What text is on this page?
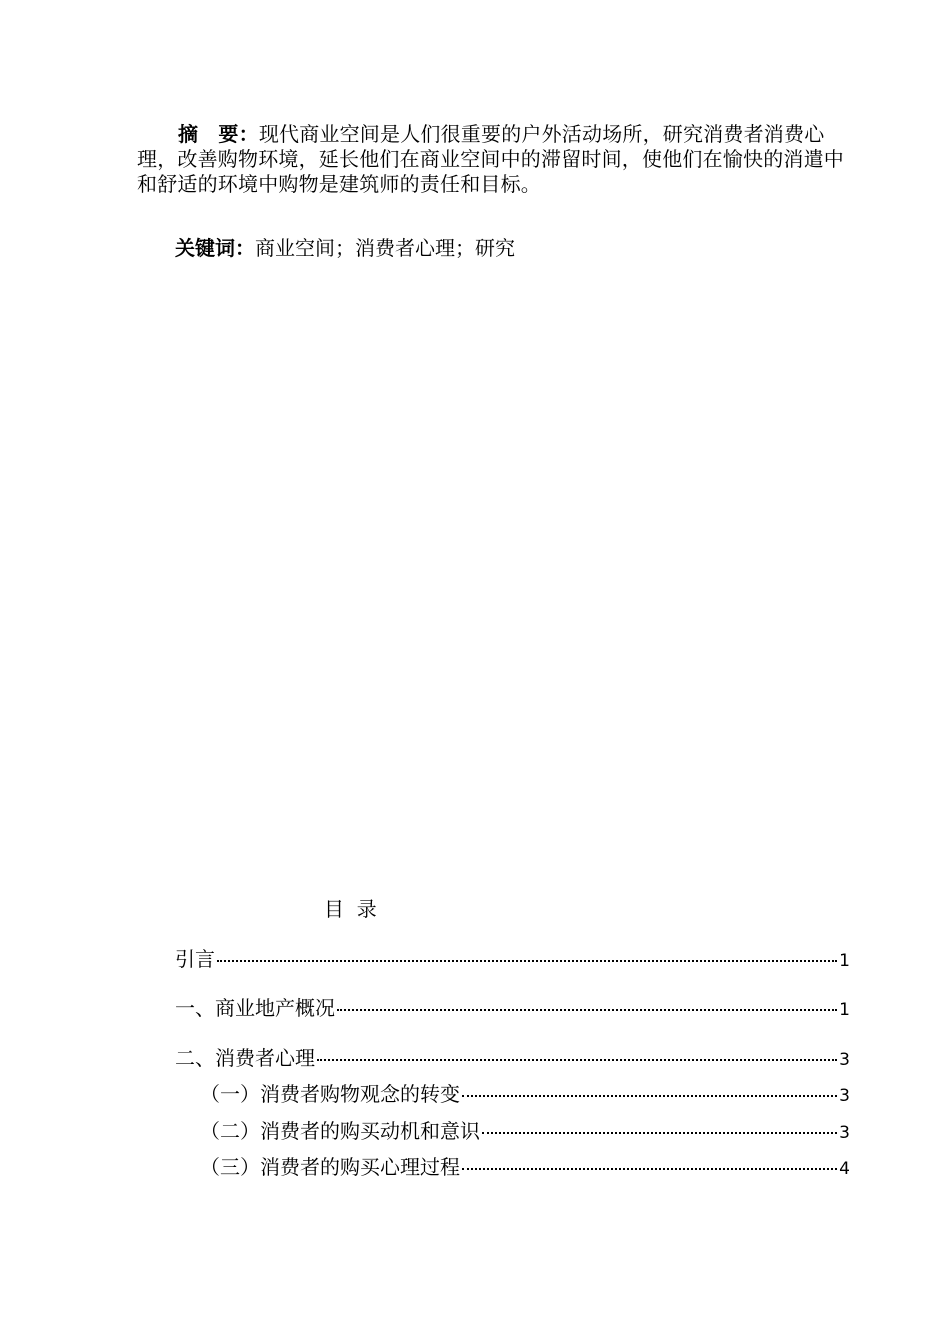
摘　要：现代商业空间是人们很重要的户外活动场所，研究消费者消费心理，改善购物环境，延长他们在商业空间中的滞留时间，使他们在愉快的消遣中和舒适的环境中购物是建筑师的责任和目标。

关键词：商业空间；消费者心理；研究

目  录

引言	1
一、商业地产概况	1
二、消费者心理	3
（一）消费者购物观念的转变	3
（二）消费者的购买动机和意识	3
（三）消费者的购买心理过程	4
